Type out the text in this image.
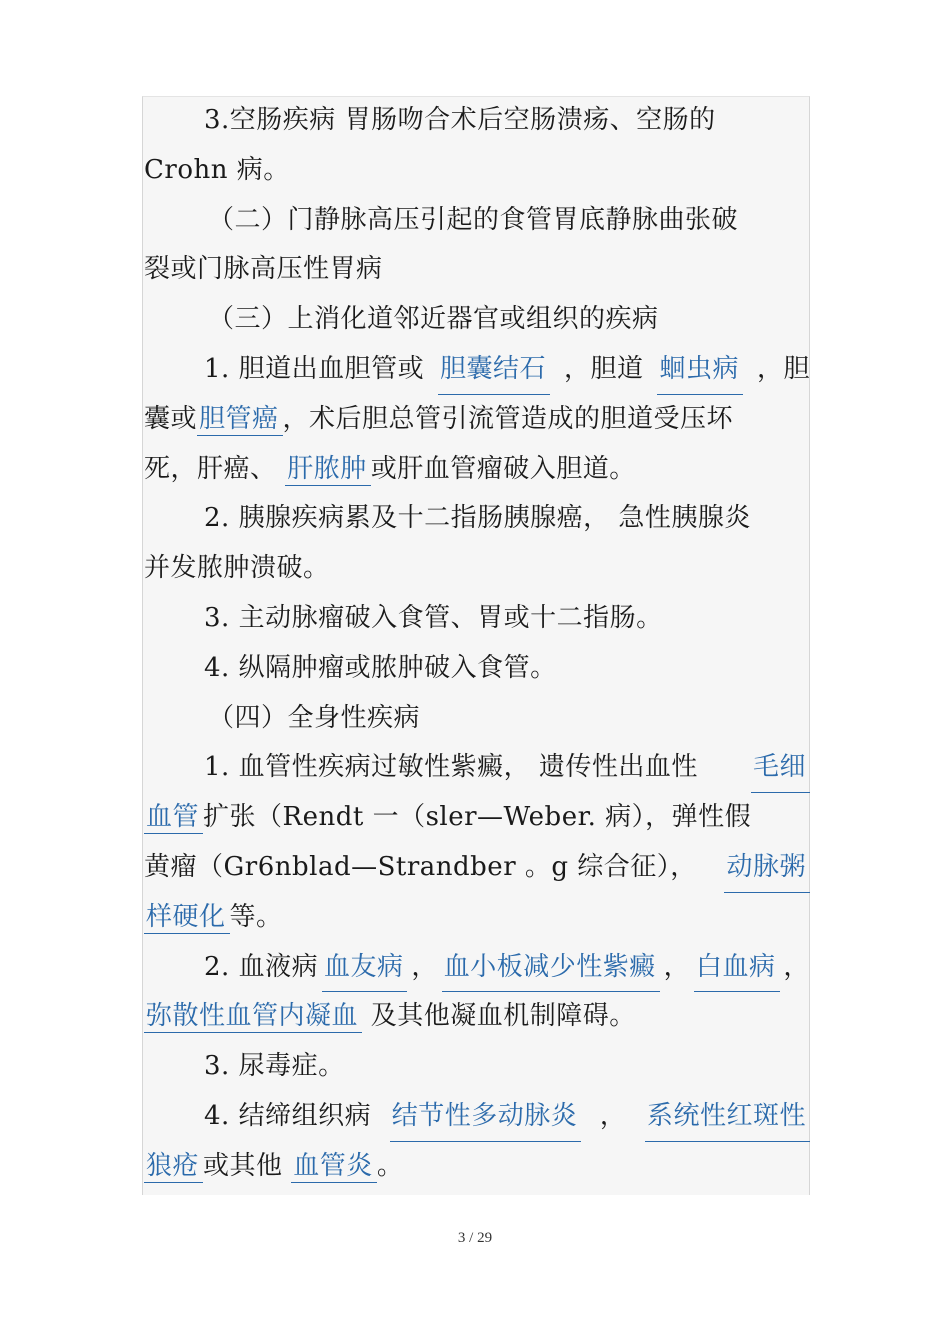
3.空肠疾病 胃肠吻合术后空肠溃疡、空肠的
Crohn 病。
（二）门静脉高压引起的食管胃底静脉曲张破
裂或门脉高压性胃病
（三）上消化道邻近器官或组织的疾病
1. 胆道出血胆管或 胆囊结石 ，胆道 蛔虫病 ，胆
囊或胆管癌 ，术后胆总管引流管造成的胆道受压坏
死，肝癌、 肝脓肿 或肝血管瘤破入胆道。
2. 胰腺疾病累及十二指肠胰腺癌， 急性胰腺炎
并发脓肿溃破。
3. 主动脉瘤破入食管、胃或十二指肠。
4. 纵隔肿瘤或脓肿破入食管。
（四）全身性疾病
1. 血管性疾病过敏性紫癜， 遗传性出血性 毛细
血管 扩张（Rendt 一（sler—Weber. 病），弹性假
黄瘤（Gr6nblad—Strandber 。g 综合征）， 动脉粥
样硬化 等。
2. 血液病 血友病 ， 血小板减少性紫癜 ， 白血病 ，
弥散性血管内凝血 及其他凝血机制障碍。
3. 尿毒症。
4. 结缔组织病 结节性多动脉炎 ， 系统性红斑性
狼疮 或其他 血管炎 。
3 / 29
